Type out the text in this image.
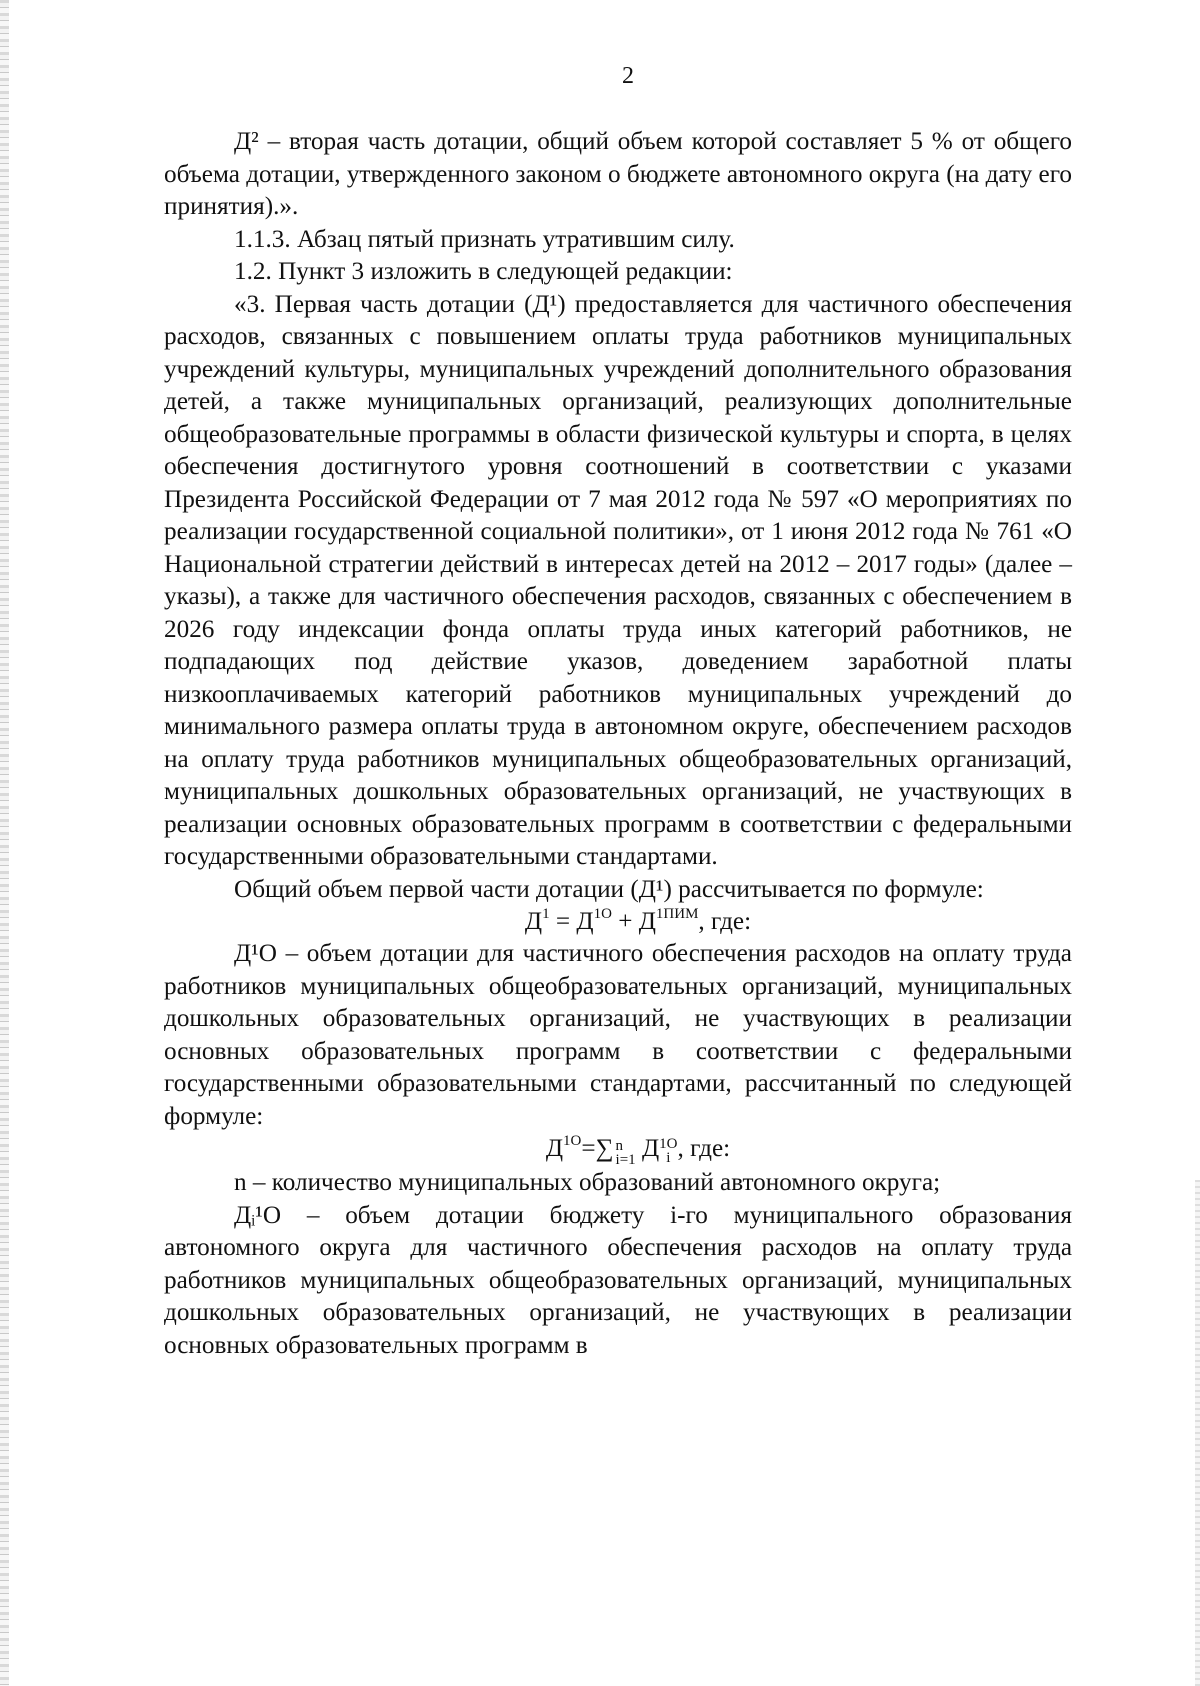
2

Д² – вторая часть дотации, общий объем которой составляет 5 % от общего объема дотации, утвержденного законом о бюджете автономного округа (на дату его принятия).».

1.1.3. Абзац пятый признать утратившим силу.

1.2. Пункт 3 изложить в следующей редакции:

«3. Первая часть дотации (Д¹) предоставляется для частичного обеспечения расходов, связанных с повышением оплаты труда работников муниципальных учреждений культуры, муниципальных учреждений дополнительного образования детей, а также муниципальных организаций, реализующих дополнительные общеобразовательные программы в области физической культуры и спорта, в целях обеспечения достигнутого уровня соотношений в соответствии с указами Президента Российской Федерации от 7 мая 2012 года № 597 «О мероприятиях по реализации государственной социальной политики», от 1 июня 2012 года № 761 «О Национальной стратегии действий в интересах детей на 2012 – 2017 годы» (далее – указы), а также для частичного обеспечения расходов, связанных с обеспечением в 2026 году индексации фонда оплаты труда иных категорий работников, не подпадающих под действие указов, доведением заработной платы низкооплачиваемых категорий работников муниципальных учреждений до минимального размера оплаты труда в автономном округе, обеспечением расходов на оплату труда работников муниципальных общеобразовательных организаций, муниципальных дошкольных образовательных организаций, не участвующих в реализации основных образовательных программ в соответствии с федеральными государственными образовательными стандартами.

Общий объем первой части дотации (Д¹) рассчитывается по формуле:

$Д^1 = Д^{1О} + Д^{1ПИМ}$, где:

Д¹О – объем дотации для частичного обеспечения расходов на оплату труда работников муниципальных общеобразовательных организаций, муниципальных дошкольных образовательных организаций, не участвующих в реализации основных образовательных программ в соответствии с федеральными государственными образовательными стандартами, рассчитанный по следующей формуле:

$Д^{1О}=\sum$ n
i=1 Д 1О
i , где:

n – количество муниципальных образований автономного округа;

Дᵢ¹О – объем дотации бюджету i-го муниципального образования автономного округа для частичного обеспечения расходов на оплату труда работников муниципальных общеобразовательных организаций, муниципальных дошкольных образовательных организаций, не участвующих в реализации основных образовательных программ в
